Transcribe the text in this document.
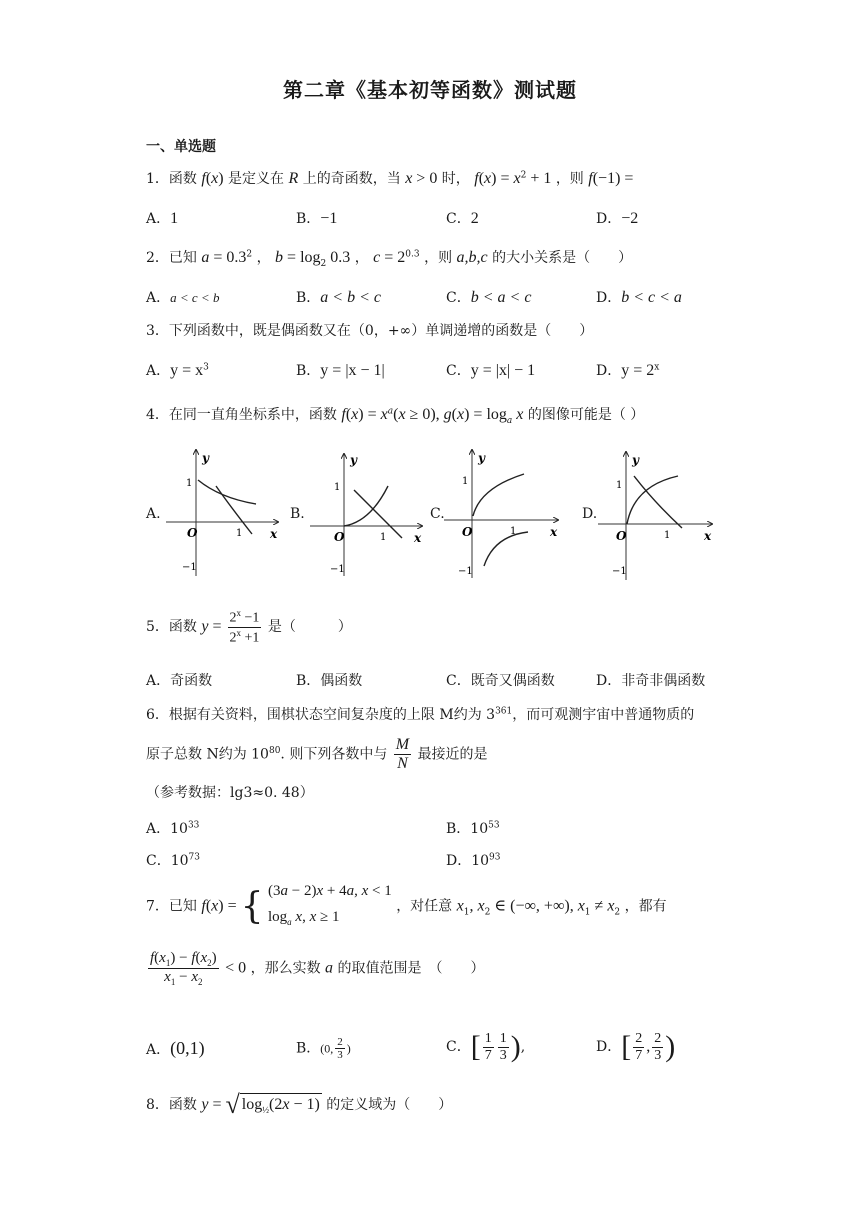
第二章《基本初等函数》测试题
一、单选题
1．函数 f(x) 是定义在 R 上的奇函数，当 x > 0 时， $f(x) = x^2 + 1$ ，则 f(−1) =
A．1	B．−1	C．2	D．−2
2．已知 $a = 0.3^2$ ， $b = \log_2 0.3$ ， $c = 2^{0.3}$ ，则 a,b,c 的大小关系是（　　）
A．a < c < b	B．a < b < c	C．b < a < c	D．b < c < a
3．下列函数中，既是偶函数又在（0，+∞）单调递增的函数是（　　）
A．$y = x^3$	B．y = |x − 1|	C．y = |x| − 1	D．$y = 2^x$
4．在同一直角坐标系中，函数 $f(x) = x^a(x \ge 0)$, $g(x) = \log_a x$ 的图像可能是（ ）
A.	B.	C.	D.
y
x
O
1
−1
1
y
x
O
1
−1
1
y
x
O
1
−1
1
y
x
O
1
−1
1
5．函数 $y = \frac{2^x -1}{2^x +1}$ 是（　　　）
A．奇函数	B．偶函数	C．既奇又偶函数	D．非奇非偶函数
6．根据有关资料，围棋状态空间复杂度的上限 M约为 $3^{361}$，而可观测宇宙中普通物质的
原子总数 N约为 $10^{80}$. 则下列各数中与 $\frac{M}{N}$ 最接近的是
（参考数据：lg3≈0. 48）
A．$10^{33}$	B．$10^{53}$
C．$10^{73}$	D．$10^{93}$
7．已知 f(x) = { (3a − 2)x + 4a, x < 1
$\log_a x$, x ≥ 1
，对任意 $x_1$, $x_2$ ∈ (−∞, +∞), $x_1 \ne x_2$ ，都有
$\frac{f(x_1) - f(x_2)}{x_1 - x_2} < 0$ ，那么实数 a 的取值范围是　（　　）
A．(0,1)	B．(0, $\frac{2}{3}$ )	C．[ $\frac{1}{7} \frac{1}{3}$ ),	D．[ $\frac{2}{7}$ , $\frac{2}{3}$ )
8．函数 y = √ $\log_{\frac{1}{2}}(2x - 1)$ 的定义域为（　　）
